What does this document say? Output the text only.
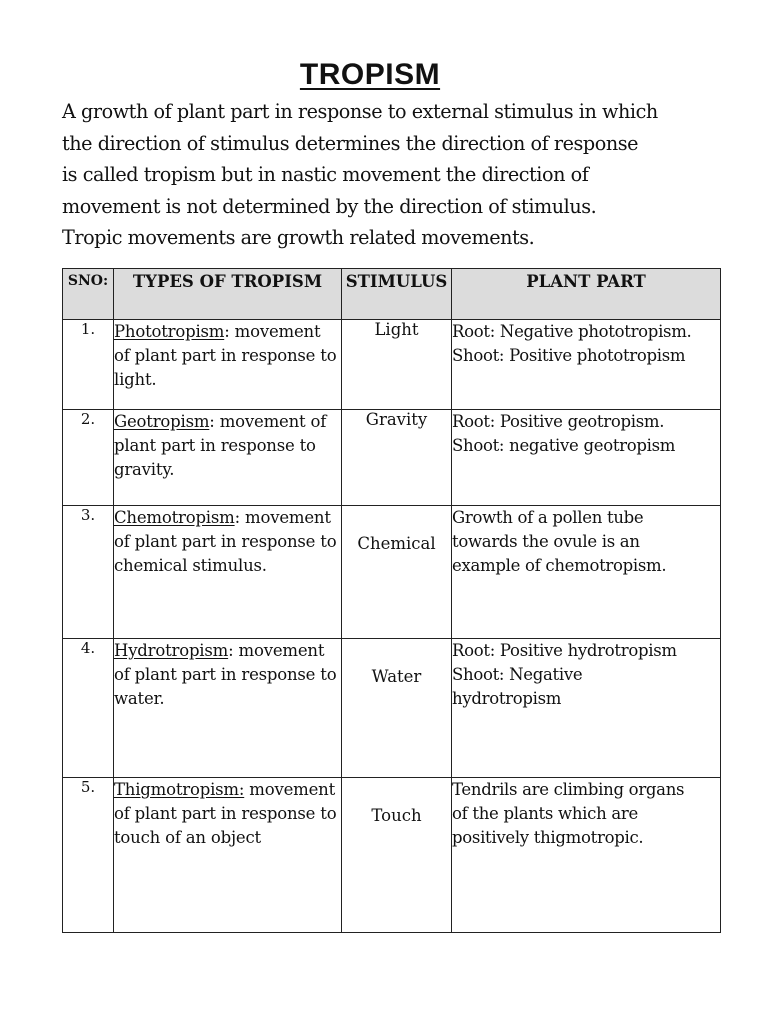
TROPISM
A growth of plant part in response to external stimulus in which
the direction of stimulus determines the direction of response
is called tropism but in nastic movement the direction of
movement is not determined by the direction of stimulus.
Tropic movements are growth related movements.
SNO:	TYPES OF TROPISM	STIMULUS	PLANT PART
1.	Phototropism: movement of plant part in response to light.	Light	Root: Negative phototropism.
Shoot: Positive phototropism

2.	Geotropism: movement of plant part in response to gravity.	Gravity	Root: Positive geotropism.
Shoot: negative geotropism

3.	Chemotropism: movement of plant part in response to chemical stimulus.	Chemical	Growth of a pollen tube
towards the ovule is an
example of chemotropism.

4.	Hydrotropism: movement of plant part in response to water.	Water	Root: Positive hydrotropism
Shoot: Negative
hydrotropism

5.	Thigmotropism: movement of plant part in response to touch of an object	Touch	Tendrils are climbing organs
of the plants which are
positively thigmotropic.
